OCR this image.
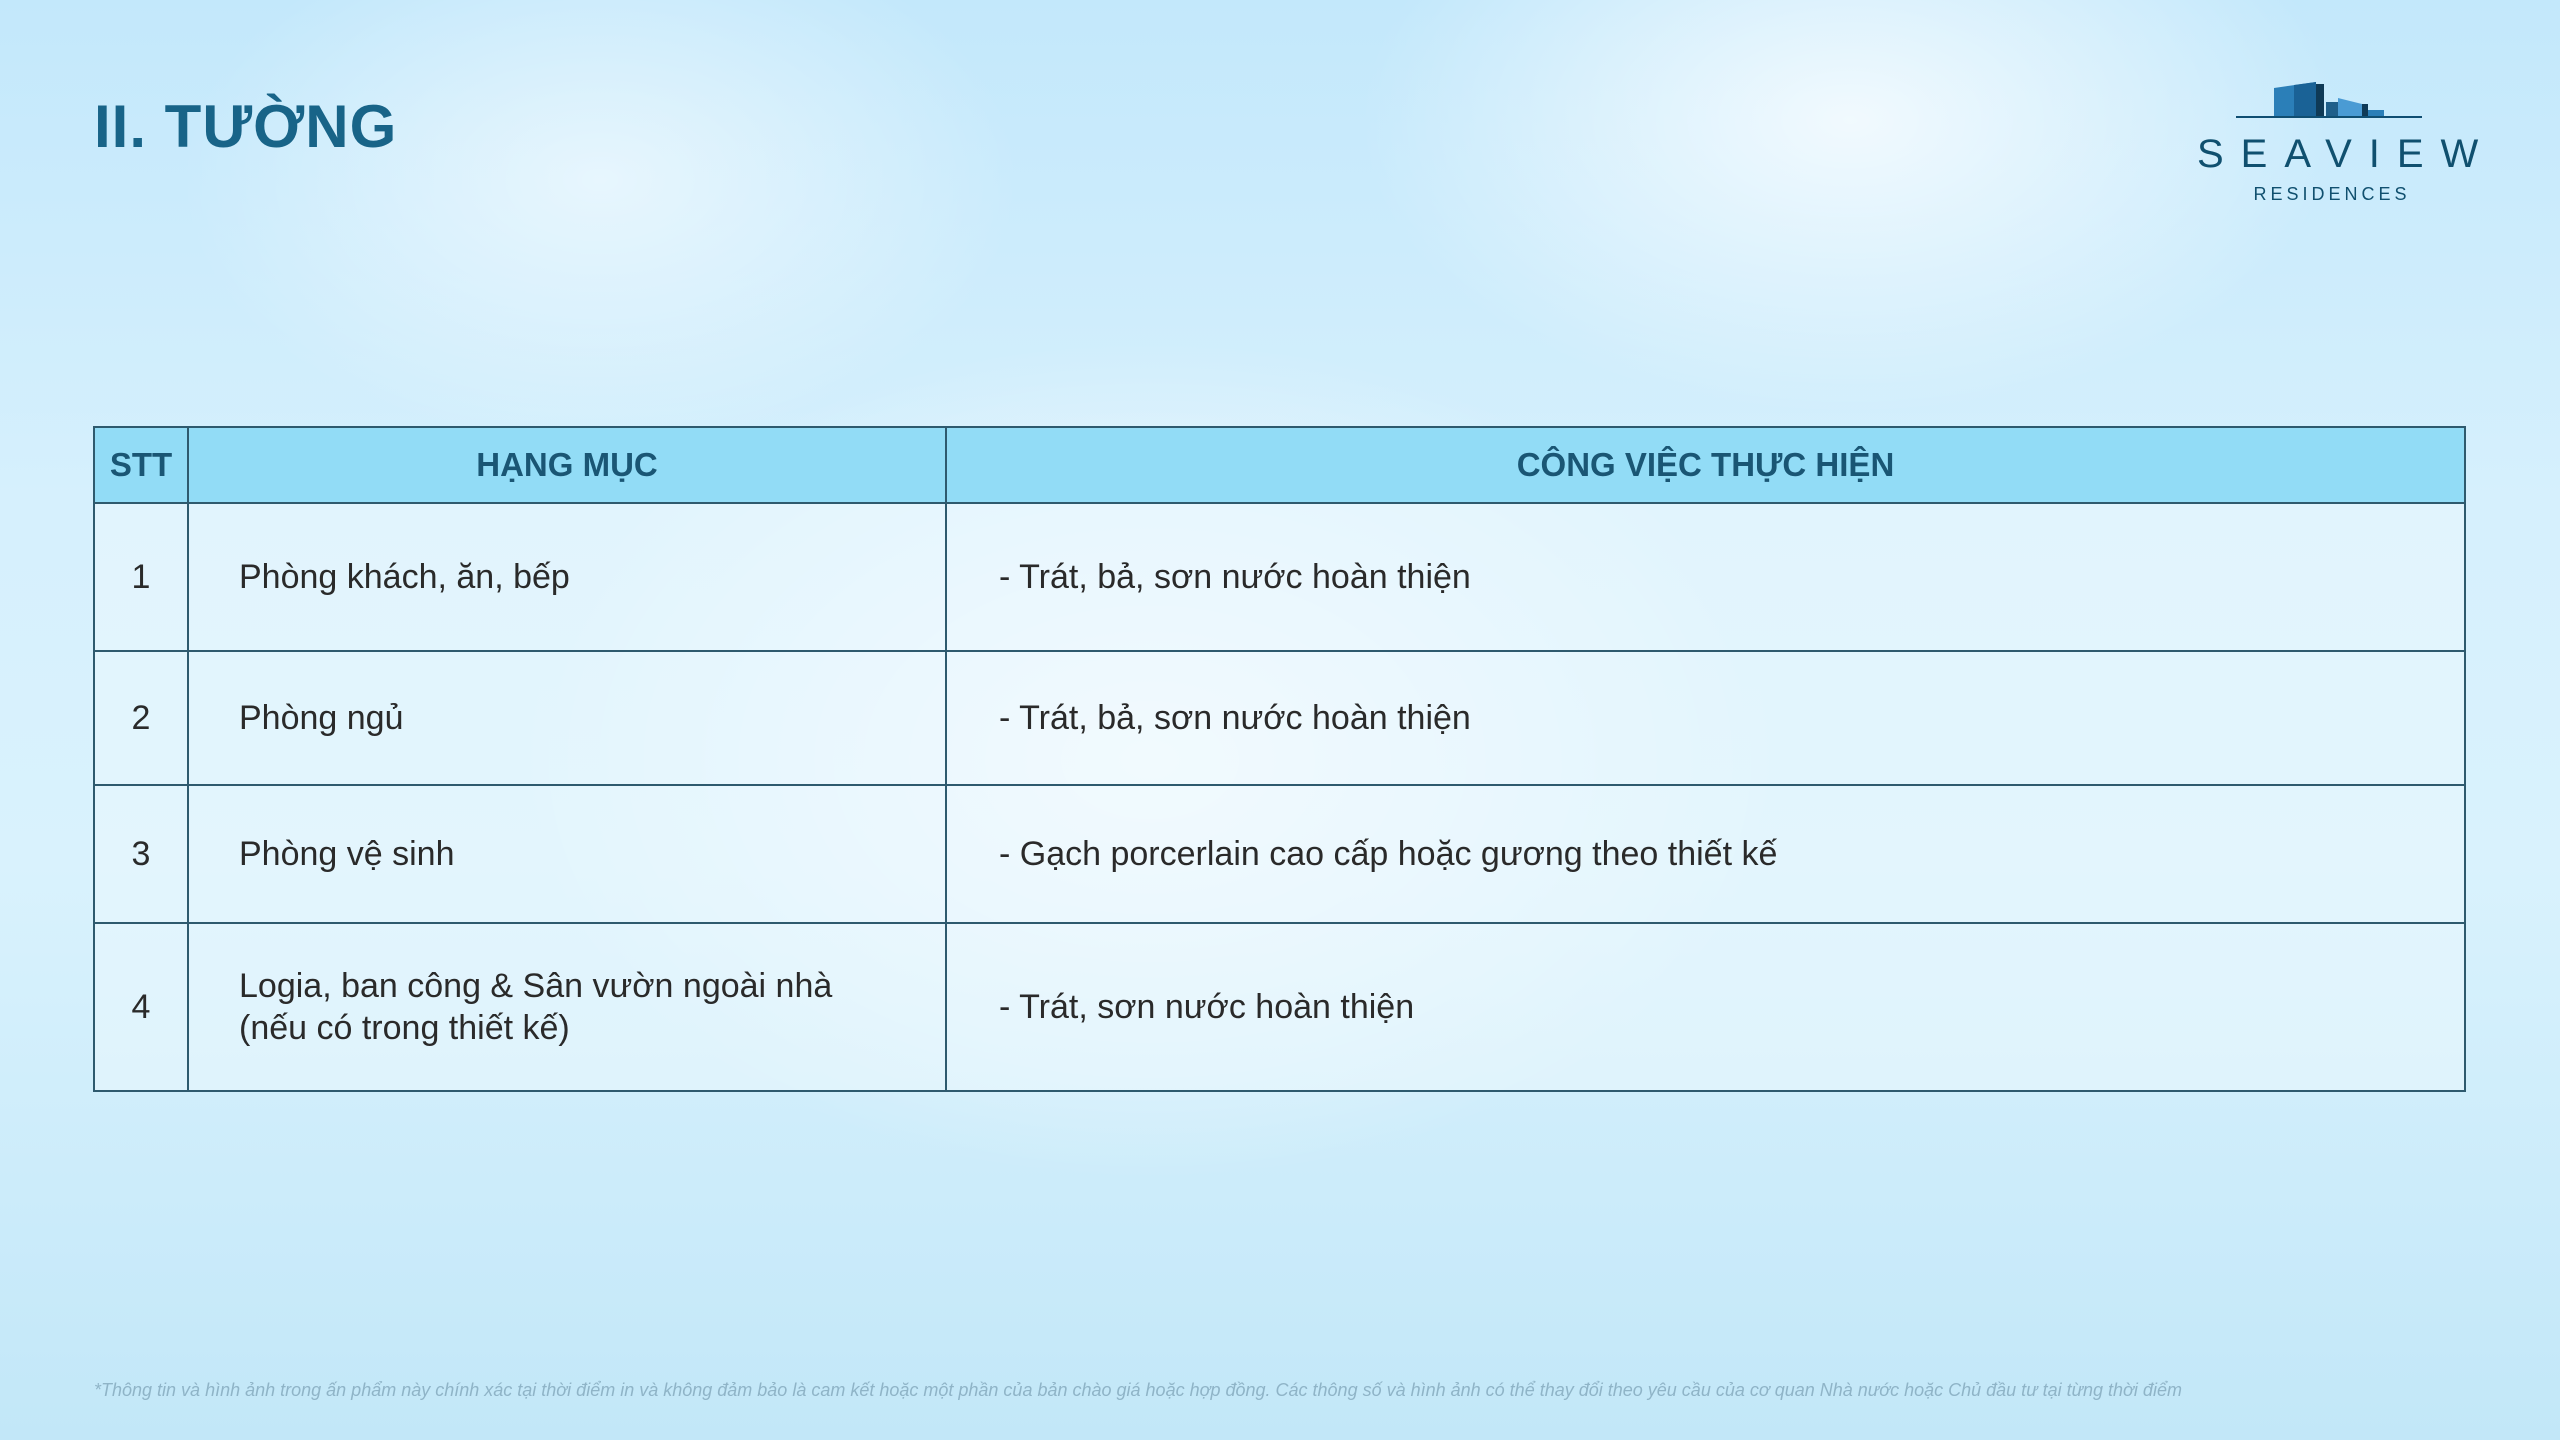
II. TƯỜNG	SEAVIEW
RESIDENCES
STT	HẠNG MỤC	CÔNG VIỆC THỰC HIỆN
1	Phòng khách, ăn, bếp	- Trát, bả, sơn nước hoàn thiện
2	Phòng ngủ	- Trát, bả, sơn nước hoàn thiện
3	Phòng vệ sinh	- Gạch porcerlain cao cấp hoặc gương theo thiết kế
4	Logia, ban công & Sân vườn ngoài nhà (nếu có trong thiết kế)	- Trát, sơn nước hoàn thiện
*Thông tin và hình ảnh trong ấn phẩm này chính xác tại thời điểm in và không đảm bảo là cam kết hoặc một phần của bản chào giá hoặc hợp đồng. Các thông số và hình ảnh có thể thay đổi theo yêu cầu của cơ quan Nhà nước hoặc Chủ đầu tư tại từng thời điểm
